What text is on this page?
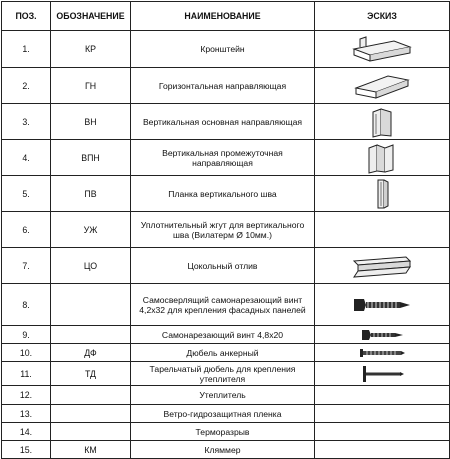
ПОЗ.	ОБОЗНАЧЕНИЕ	НАИМЕНОВАНИЕ	ЭСКИЗ
1.	КР	Кронштейн	

2.	ГН	Горизонтальная направляющая	

3.	ВН	Вертикальная основная направляющая	

4.	ВПН	Вертикальная промежуточная направляющая	

5.	ПВ	Планка вертикального шва	

6.	УЖ	Уплотнительный жгут для вертикального шва (Вилатерм Ø 10мм.)	
7.	ЦО	Цокольный отлив	

8.		Самосверлящий самонарезающий винт 4,2х32 для крепления фасадных панелей	

9.		Самонарезающий винт 4,8х20	

10.	ДФ	Дюбель анкерный	

11.	ТД	Тарельчатый дюбель для крепления утеплителя	

12.		Утеплитель	
13.		Ветро-гидрозащитная пленка	
14.		Терморазрыв	
15.	КМ	Кляммер	
